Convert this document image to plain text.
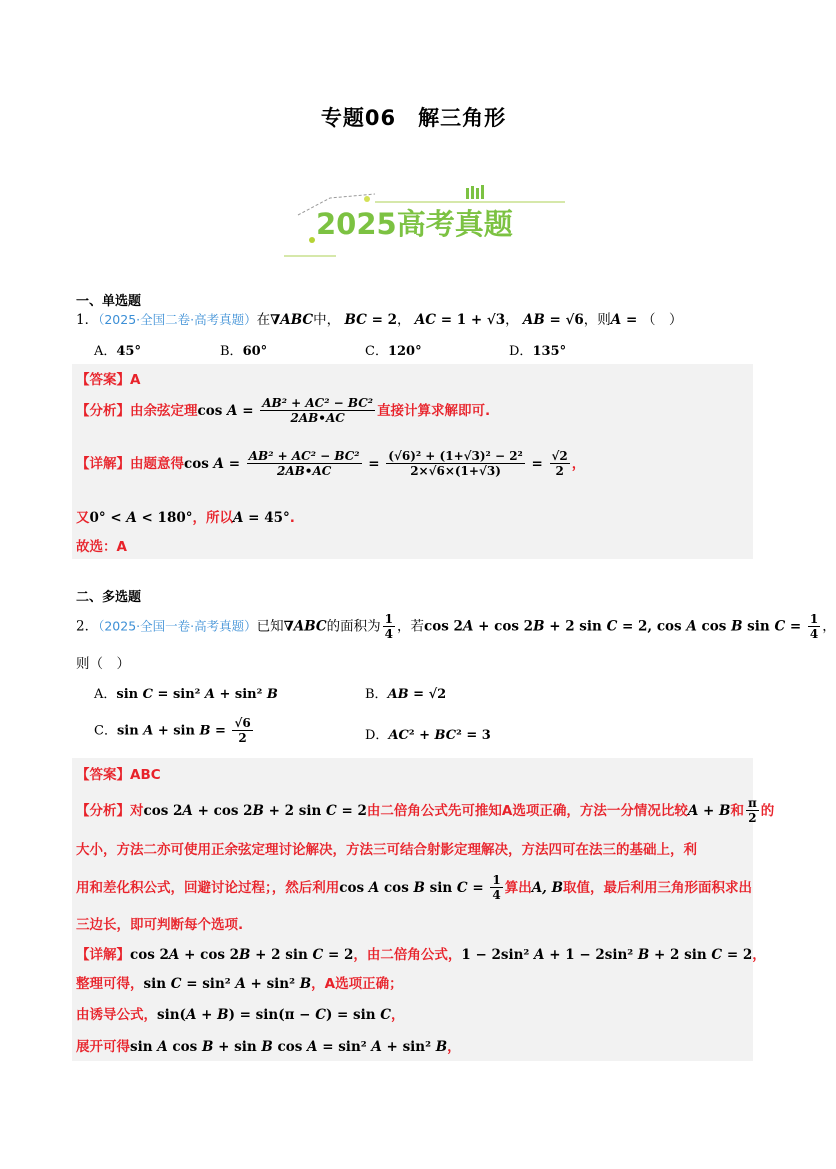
专题06　解三角形
2025高考真题
一、单选题
1．（2025·全国二卷·高考真题）在∇ABC中， BC = 2， AC = 1 + √3， AB = √6，则A = （　）
A．45°	B．60°	C．120°	D．135°
【答案】A
【分析】由余弦定理$\cos A = \frac{\text{AB² + AC² − BC²}}{2AB•AC}$ 直接计算求解即可.
【详解】由题意得$\cos A = \frac{\text{AB² + AC² − BC²}}{2AB•AC} = \frac{\text{(√6)² + (1+√3)² − 2²}}{2\times√6\times(1+√3)} = \frac{√2}{2}$ ，
又0° < A < 180°，所以A = 45°.
故选：A
二、多选题
2．（2025·全国一卷·高考真题）已知∇ABC的面积为 $\frac{1}{4}$ ，若cos 2A + cos 2B + 2 sin C = 2, cos A cos B $\sin C = \frac{1}{4}$ ，
则（　）
A．sin C = sin² A + sin² B	B．AB = √2
C．$\sin A + \sin B = \frac{√6}{2}$	D．AC² + BC² = 3
【答案】ABC
【分析】对cos 2A + cos 2B + 2 sin C = 2由二倍角公式先可推知A选项正确，方法一分情况比较A + B和 $\frac{\pi}{2}$ 的
大小，方法二亦可使用正余弦定理讨论解决，方法三可结合射影定理解决，方法四可在法三的基础上，利
用和差化积公式，回避讨论过程；，然后利用cos A cos B $\sin C = \frac{1}{4}$ 算出A, B取值，最后利用三角形面积求出
三边长，即可判断每个选项.
【详解】cos 2A + cos 2B + 2 sin C = 2，由二倍角公式，1 − 2sin² A + 1 − 2sin² B + 2 sin C = 2，
整理可得，sin C = sin² A + sin² B，A选项正确；
由诱导公式，sin(A + B) = sin(π − C) = sin C，
展开可得sin A cos B + sin B cos A = sin² A + sin² B，
